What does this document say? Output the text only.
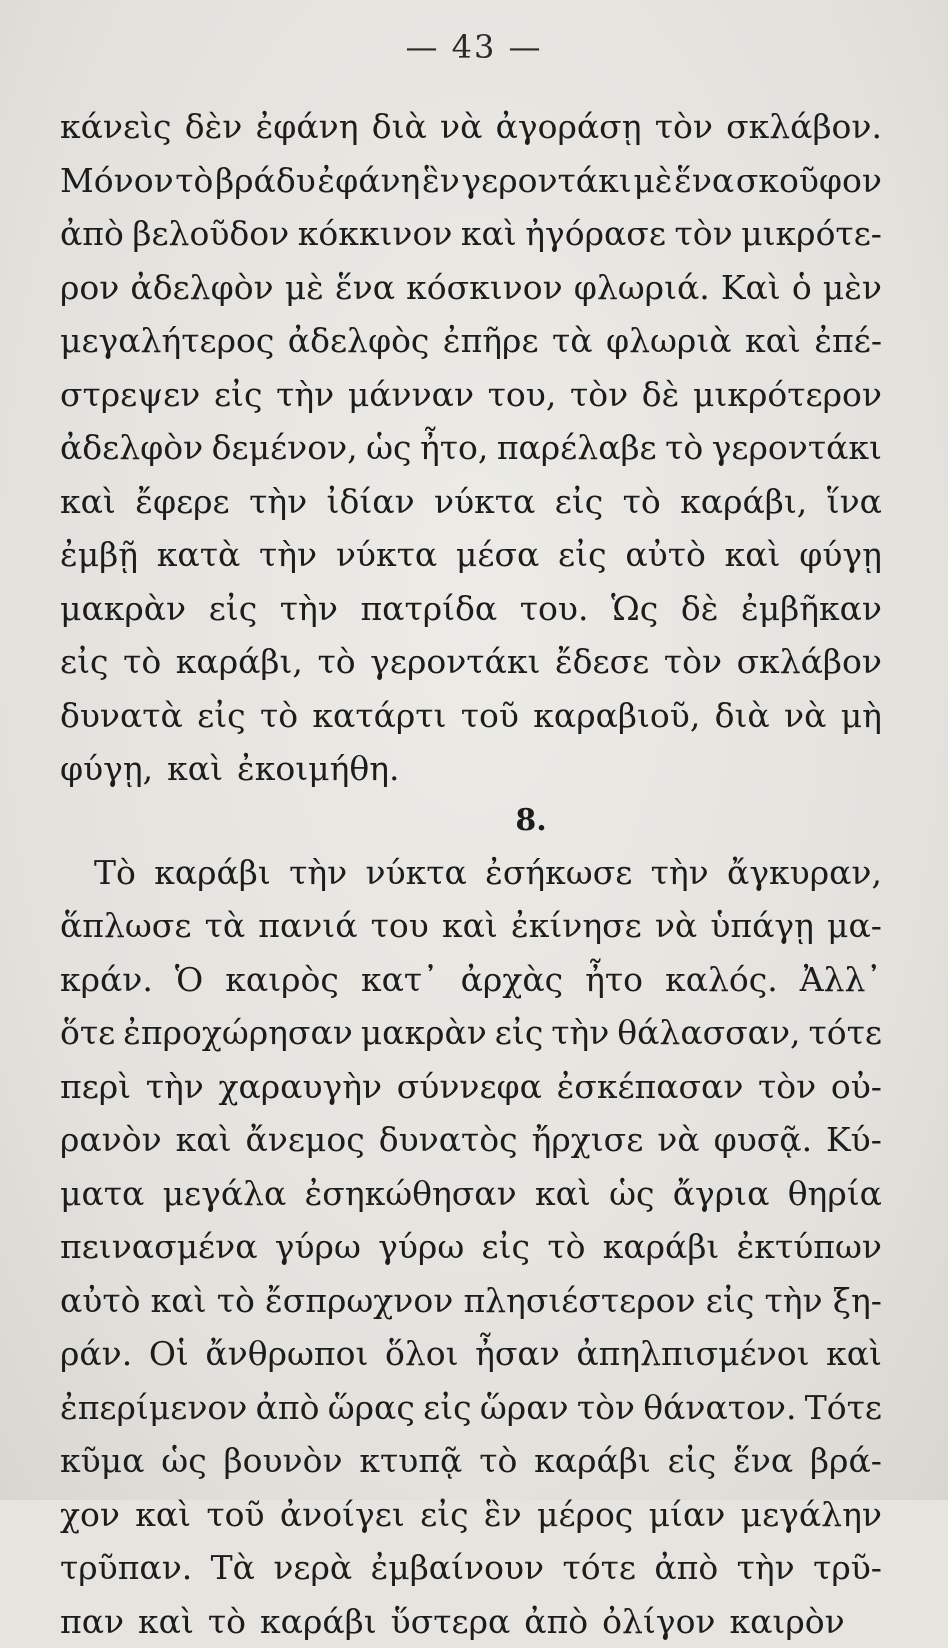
— 43 —
κάνεὶς δὲν ἐφάνη διὰ νὰ ἀγοράσῃ τὸν σκλάβον.
Μόνον τὸ βράδυ ἐφάνη ἓν γεροντάκι μὲ ἕνα σκοῦφον
ἀπὸ βελοῦδον κόκκινον καὶ ἠγόρασε τὸν μικρότε-
ρον ἀδελφὸν μὲ ἕνα κόσκινον φλωριά. Καὶ ὁ μὲν
μεγαλήτερος ἀδελφὸς ἐπῆρε τὰ φλωριὰ καὶ ἐπέ-
στρεψεν εἰς τὴν μάνναν του, τὸν δὲ μικρότερον
ἀδελφὸν δεμένον, ὡς ἦτο, παρέλαβε τὸ γεροντάκι
καὶ ἔφερε τὴν ἰδίαν νύκτα εἰς τὸ καράβι, ἵνα
ἐμβῇ κατὰ τὴν νύκτα μέσα εἰς αὐτὸ καὶ φύγῃ
μακρὰν εἰς τὴν πατρίδα του. Ὡς δὲ ἐμβῆκαν
εἰς τὸ καράβι, τὸ γεροντάκι ἔδεσε τὸν σκλάβον
δυνατὰ εἰς τὸ κατάρτι τοῦ καραβιοῦ, διὰ νὰ μὴ
φύγῃ, καὶ ἐκοιμήθη.
8.
Τὸ καράβι τὴν νύκτα ἐσήκωσε τὴν ἄγκυραν,
ἅπλωσε τὰ πανιά του καὶ ἐκίνησε νὰ ὑπάγῃ μα-
κράν. Ὁ καιρὸς κατ᾽ ἀρχὰς ἦτο καλός. Ἀλλ᾽
ὅτε ἐπροχώρησαν μακρὰν εἰς τὴν θάλασσαν, τότε
περὶ τὴν χαραυγὴν σύννεφα ἐσκέπασαν τὸν οὐ-
ρανὸν καὶ ἄνεμος δυνατὸς ἤρχισε νὰ φυσᾷ. Κύ-
ματα μεγάλα ἐσηκώθησαν καὶ ὡς ἄγρια θηρία
πεινασμένα γύρω γύρω εἰς τὸ καράβι ἐκτύπων
αὐτὸ καὶ τὸ ἔσπρωχνον πλησιέστερον εἰς τὴν ξη-
ράν. Οἱ ἄνθρωποι ὅλοι ἦσαν ἀπηλπισμένοι καὶ
ἐπερίμενον ἀπὸ ὥρας εἰς ὥραν τὸν θάνατον. Τότε
κῦμα ὡς βουνὸν κτυπᾷ τὸ καράβι εἰς ἕνα βρά-
χον καὶ τοῦ ἀνοίγει εἰς ἓν μέρος μίαν μεγάλην
τρῦπαν. Τὰ νερὰ ἐμβαίνουν τότε ἀπὸ τὴν τρῦ-
παν καὶ τὸ καράβι ὕστερα ἀπὸ ὀλίγον καιρὸν
